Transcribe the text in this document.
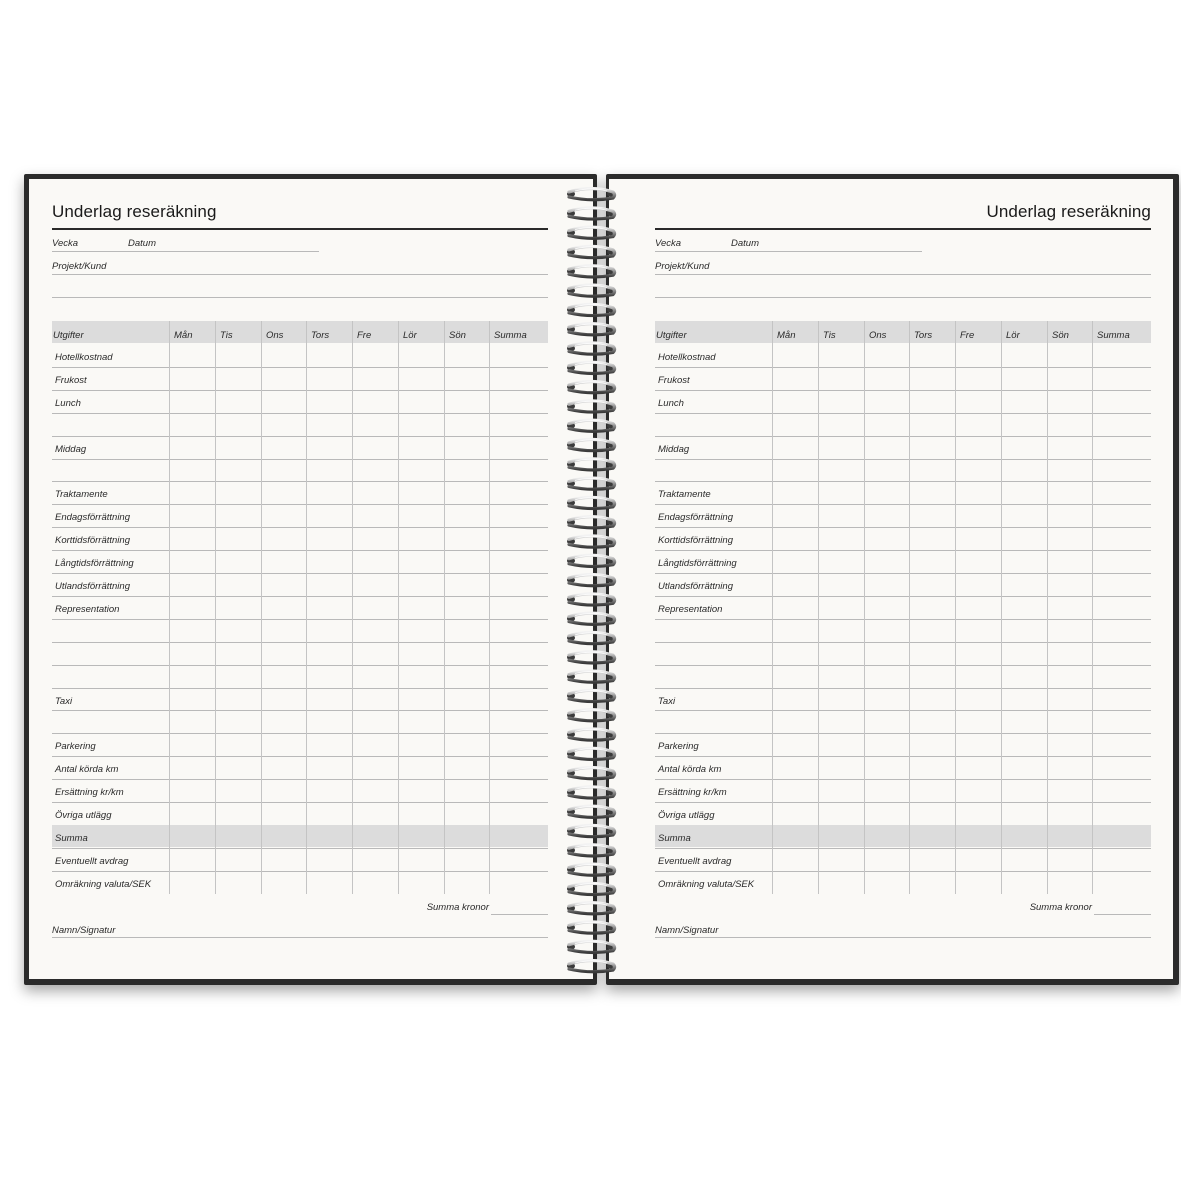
Underlag reseräkning
Vecka	Datum
Projekt/Kund
Utgifter	Mån	Tis	Ons	Tors	Fre	Lör	Sön	Summa
Hotellkostnad
Frukost
Lunch
Middag
Traktamente
Endagsförrättning
Korttidsförrättning
Långtidsförrättning
Utlandsförrättning
Representation
Taxi
Parkering
Antal körda km
Ersättning kr/km
Övriga utlägg
Summa
Eventuellt avdrag
Omräkning valuta/SEK
Summa kronor
Namn/Signatur
Underlag reseräkning
Vecka	Datum
Projekt/Kund
Utgifter	Mån	Tis	Ons	Tors	Fre	Lör	Sön	Summa
Hotellkostnad
Frukost
Lunch
Middag
Traktamente
Endagsförrättning
Korttidsförrättning
Långtidsförrättning
Utlandsförrättning
Representation
Taxi
Parkering
Antal körda km
Ersättning kr/km
Övriga utlägg
Summa
Eventuellt avdrag
Omräkning valuta/SEK
Summa kronor
Namn/Signatur
